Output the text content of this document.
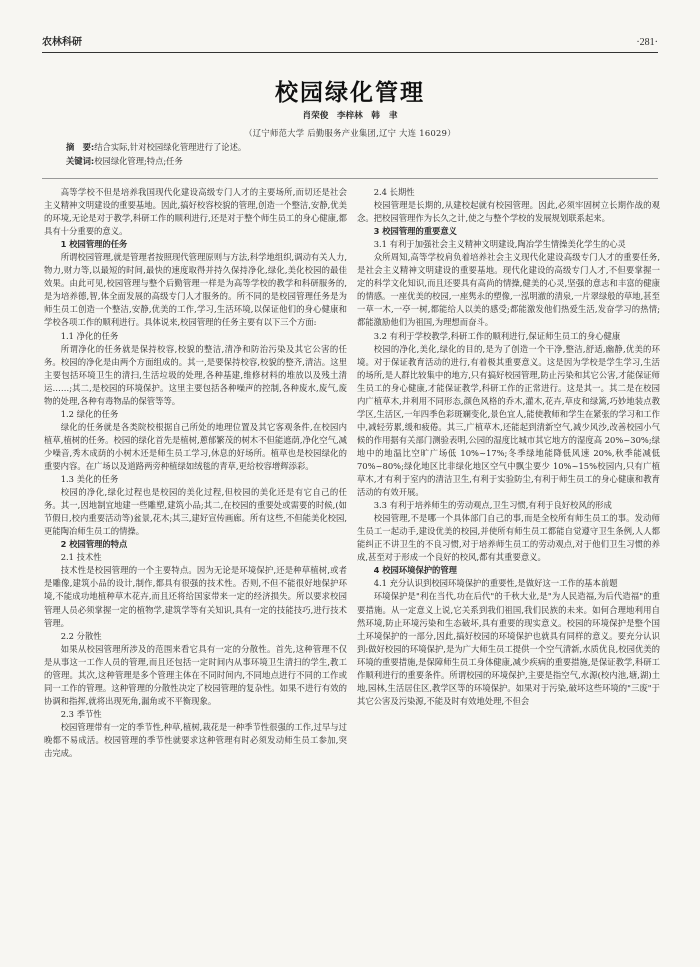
农林科研	·281·
校园绿化管理
肖荣俊　李梓林　韩 聿
（辽宁师范大学 后勤服务产业集团,辽宁 大连 16029）
摘　要:结合实际,针对校园绿化管理进行了论述。
关键词:校园绿化管理;特点;任务

高等学校不但是培养我国现代化建设高级专门人才的主要场所,而切还是社会主义精神文明建设的重要基地。因此,搞好校容校貌的管理,创造一个整洁,安静,优美的环境,无论是对于教学,科研工作的顺利进行,还是对于整个师生员工的身心健康,都具有十分重要的意义。

1 校园管理的任务

所谓校园管理,就是管理者按照现代管理原则与方法,科学地组织,调动有关人力,物力,财力等,以最短的时间,最快的速度取得并持久保持净化,绿化,美化校园的最佳效果。由此可见,校园管理与整个后勤管理一样是为高等学校的教学和科研服务的,是为培养德,智,体全面发展的高级专门人才服务的。所不同的是校园管理任务是为师生员工创造一个整洁,安静,优美的工作,学习,生活环境,以保证他们的身心健康和学校各项工作的顺利进行。具体说来,校园管理的任务主要有以下三个方面:

1.1 净化的任务

所谓净化的任务就是保持校容,校貌的整洁,清净和防治污染及其它公害的任务。校园的净化是由两个方面组成的。其一,是要保持校容,校貌的整齐,清洁。这里主要包括环境卫生的清扫,生活垃圾的处理,各种基建,维修材料的堆放以及残土清运……;其二,是校园的环境保护。这里主要包括各种噪声的控制,各种废水,废气,废物的处理,各种有毒物品的保管等等。

1.2 绿化的任务

绿化的任务就是各类院校根据自己所处的地理位置及其它客观条件,在校园内植草,植树的任务。校园的绿化首先是植树,蔥郁繁茂的树木不但能遮荫,净化空气,减少噪音,秀木成荫的小树木还是师生员工学习,休息的好场所。植草也是校园绿化的重要内容。在广场以及道路两旁种植绿如绒毯的青草,更给校容增辉添彩。

1.3 美化的任务

校园的净化,绿化过程也是校园的美化过程,但校园的美化还是有它自己的任务。其一,因地制宜地建一些雕塑,建筑小品;其二,在校园的重要处或需要的时候,(如节假日,校内重要活动等)盆景,花木;其三,建好宣传画廊。所有这些,不但能美化校园,更能陶冶师生员工的情操。

2 校园管理的特点

2.1 技术性

技术性是校园管理的一个主要特点。因为无论是环境保护,还是种草植树,或者是雕像,建筑小品的设计,制作,都具有很强的技术性。否则,不但不能很好地保护环境,不能成功地植种草木花卉,而且还将给国家带来一定的经济损失。所以要求校园管理人员必须掌握一定的植物学,建筑学等有关知识,具有一定的技能技巧,进行技术管理。

2.2 分散性

如果从校园管理所涉及的范围来看它具有一定的分散性。首先,这种管理不仅是从事这一工作人员的管理,而且还包括一定时间内从事环境卫生清扫的学生,教工的管理。其次,这种管理是多个管理主体在不同时间内,不同地点进行不同的工作或同一工作的管理。这种管理的分散性决定了校园管理的复杂性。如果不进行有效的协调和指挥,就将出现死角,漏角或不平衡现象。

2.3 季节性

校园管理带有一定的季节性,种草,植树,栽花是一种季节性很强的工作,过早与过晚都不易成活。校园管理的季节性就要求这种管理有时必须发动师生员工参加,突击完成。

2.4 长期性

校园管理是长期的,从建校起就有校园管理。因此,必须牢固树立长期作战的观念。把校园管理作为长久之计,使之与整个学校的发展规划联系起来。

3 校园管理的重要意义

3.1 有利于加强社会主义精神文明建设,陶冶学生情操美化学生的心灵

众所周知,高等学校肩负着培养社会主义现代化建设高级专门人才的重要任务,是社会主义精神文明建设的重要基地。现代化建设的高级专门人才,不但要掌握一定的科学文化知识,而且还要具有高尚的情操,健美的心灵,坚强的意志和丰富的健康的情感。一座优美的校园,一座隽永的塑像,一泓明澈的清泉,一片翠绿般的草地,甚至一草一木,一亭一树,都能给人以美的感受;都能激发他们热爱生活,发奋学习的热情;都能激励他们为祖国,为理想而奋斗。

3.2 有利于学校教学,科研工作的顺利进行,保证师生员工的身心健康

校园的净化,美化,绿化的目的,是为了创造一个干净,整洁,舒适,幽静,优美的环境。对于保证教育活动的进行,有着极其重要意义。这是因为学校是学生学习,生活的场所,是人群比较集中的地方,只有搞好校园管理,防止污染和其它公害,才能保证师生员工的身心健康,才能保证教学,科研工作的正常进行。这是其一。其二是在校园内广植草木,并利用不同形态,颜色风格的乔木,灌木,花卉,草皮和绿篱,巧妙地装点教学区,生活区,一年四季色彩斑斓变化,景色宜人,能使教师和学生在紧张的学习和工作中,减轻劳累,缓和疲倦。其三,广植草木,还能起到清新空气,减少风沙,改善校园小气候的作用据有关部门测验表明,公园的湿度比城市其它地方的湿度高 20%~30%;绿地中的地温比空旷广场低 10%~17%;冬季绿地能降低风速 20%,秋季能减低 70%~80%;绿化地区比非绿化地区空气中飘尘要少 10%~15%校园内,只有广植草木,才有利于室内的清洁卫生,有利于实验防尘,有利于师生员工的身心健康和教育活动的有效开展。

3.3 有利于培养师生的劳动观点,卫生习惯,有利于良好校风的形成

校园管理,不是哪一个具体部门自己的事,而是全校所有师生员工的事。发动师生员工一起动手,建设优美的校园,并使所有师生员工都能自觉遵守卫生条例,人人都能纠正不讲卫生的不良习惯,对于培养师生员工的劳动观点,对于他们卫生习惯的养成,甚至对于形成一个良好的校风,都有其重要意义。

4 校园环境保护的管理

4.1 充分认识到校园环境保护的重要性,是做好这一工作的基本前题

环境保护是"利在当代,功在后代"的千秋大业,是"为人民造福,为后代造福"的重要措施。从一定意义上说,它关系到我们祖国,我们民族的未来。如何合理地利用自然环境,防止环境污染和生态破坏,具有重要的现实意义。校园的环境保护是整个国土环境保护的一部分,因此,搞好校园的环境保护也就具有同样的意义。要充分认识到:做好校园的环境保护,是为广大师生员工提供一个空气清新,水质优良,校园优美的环境的重要措施,是保障师生员工身体健康,减少疾病的重要措施,是保证教学,科研工作顺利进行的重要条件。所谓校园的环境保护,主要是指空气,水源(校内池,塘,湖)土地,园林,生活居住区,教学区等的环境保护。如果对于污染,破坏这些环境的"三废"于其它公害及污染源,不能及时有效地处理,不但会
